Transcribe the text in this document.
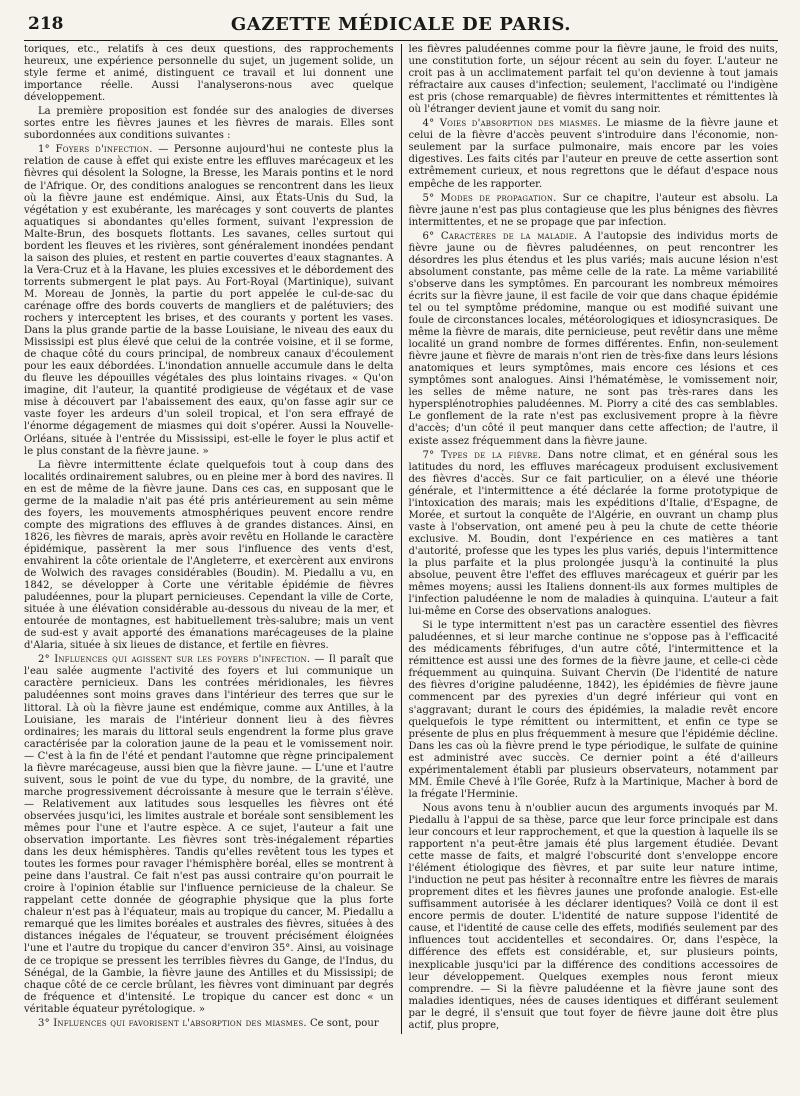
218	GAZETTE MÉDICALE DE PARIS.

toriques, etc., relatifs à ces deux questions, des rapprochements heureux, une expérience personnelle du sujet, un jugement solide, un style ferme et animé, distinguent ce travail et lui donnent une importance réelle. Aussi l'analyserons-nous avec quelque développement.

La première proposition est fondée sur des analogies de diverses sortes entre les fièvres jaunes et les fièvres de marais. Elles sont subordonnées aux conditions suivantes :

1° Foyers d'infection. — Personne aujourd'hui ne conteste plus la relation de cause à effet qui existe entre les effluves marécageux et les fièvres qui désolent la Sologne, la Bresse, les Marais pontins et le nord de l'Afrique. Or, des conditions analogues se rencontrent dans les lieux où la fièvre jaune est endémique. Ainsi, aux États-Unis du Sud, la végétation y est exubérante, les marécages y sont couverts de plantes aquatiques si abondantes qu'elles forment, suivant l'expression de Malte-Brun, des bosquets flottants. Les savanes, celles surtout qui bordent les fleuves et les rivières, sont généralement inondées pendant la saison des pluies, et restent en partie couvertes d'eaux stagnantes. A la Vera-Cruz et à la Havane, les pluies excessives et le débordement des torrents submergent le plat pays. Au Fort-Royal (Martinique), suivant M. Moreau de Jonnès, la partie du port appelée le cul-de-sac du carénage offre des bords couverts de mangliers et de palétuviers; des rochers y interceptent les brises, et des courants y portent les vases. Dans la plus grande partie de la basse Louisiane, le niveau des eaux du Mississipi est plus élevé que celui de la contrée voisine, et il se forme, de chaque côté du cours principal, de nombreux canaux d'écoulement pour les eaux débordées. L'inondation annuelle accumule dans le delta du fleuve les dépouilles végétales des plus lointains rivages. « Qu'on imagine, dit l'auteur, la quantité prodigieuse de végétaux et de vase mise à découvert par l'abaissement des eaux, qu'on fasse agir sur ce vaste foyer les ardeurs d'un soleil tropical, et l'on sera effrayé de l'énorme dégagement de miasmes qui doit s'opérer. Aussi la Nouvelle-Orléans, située à l'entrée du Mississipi, est-elle le foyer le plus actif et le plus constant de la fièvre jaune. »

La fièvre intermittente éclate quelquefois tout à coup dans des localités ordinairement salubres, ou en pleine mer à bord des navires. Il en est de même de la fièvre jaune. Dans ces cas, en supposant que le germe de la maladie n'ait pas été pris antérieurement au sein même des foyers, les mouvements atmosphériques peuvent encore rendre compte des migrations des effluves à de grandes distances. Ainsi, en 1826, les fièvres de marais, après avoir revêtu en Hollande le caractère épidémique, passèrent la mer sous l'influence des vents d'est, envahirent la côte orientale de l'Angleterre, et exercèrent aux environs de Wolwich des ravages considérables (Boudin). M. Piedallu a vu, en 1842, se développer à Corte une véritable épidémie de fièvres paludéennes, pour la plupart pernicieuses. Cependant la ville de Corte, située à une élévation considérable au-dessous du niveau de la mer, et entourée de montagnes, est habituellement très-salubre; mais un vent de sud-est y avait apporté des émanations marécageuses de la plaine d'Alaria, située à six lieues de distance, et fertile en fièvres.

2° Influences qui agissent sur les foyers d'infection. — Il paraît que l'eau salée augmente l'activité des foyers et lui communique un caractère pernicieux. Dans les contrées méridionales, les fièvres paludéennes sont moins graves dans l'intérieur des terres que sur le littoral. Là où la fièvre jaune est endémique, comme aux Antilles, à la Louisiane, les marais de l'intérieur donnent lieu à des fièvres ordinaires; les marais du littoral seuls engendrent la forme plus grave caractérisée par la coloration jaune de la peau et le vomissement noir. — C'est à la fin de l'été et pendant l'automne que règne principalement la fièvre marécageuse, aussi bien que la fièvre jaune. — L'une et l'autre suivent, sous le point de vue du type, du nombre, de la gravité, une marche progressivement décroissante à mesure que le terrain s'élève. — Relativement aux latitudes sous lesquelles les fièvres ont été observées jusqu'ici, les limites australe et boréale sont sensiblement les mêmes pour l'une et l'autre espèce. A ce sujet, l'auteur a fait une observation importante. Les fièvres sont très-inégalement réparties dans les deux hémisphères. Tandis qu'elles revêtent tous les types et toutes les formes pour ravager l'hémisphère boréal, elles se montrent à peine dans l'austral. Ce fait n'est pas aussi contraire qu'on pourrait le croire à l'opinion établie sur l'influence pernicieuse de la chaleur. Se rappelant cette donnée de géographie physique que la plus forte chaleur n'est pas à l'équateur, mais au tropique du cancer, M. Piedallu a remarqué que les limites boréales et australes des fièvres, situées à des distances inégales de l'équateur, se trouvent précisément éloignées l'une et l'autre du tropique du cancer d'environ 35°. Ainsi, au voisinage de ce tropique se pressent les terribles fièvres du Gange, de l'Indus, du Sénégal, de la Gambie, la fièvre jaune des Antilles et du Mississipi; de chaque côté de ce cercle brûlant, les fièvres vont diminuant par degrés de fréquence et d'intensité. Le tropique du cancer est donc « un véritable équateur pyrétologique. »

3° Influences qui favorisent l'absorption des miasmes. Ce sont, pour

les fièvres paludéennes comme pour la fièvre jaune, le froid des nuits, une constitution forte, un séjour récent au sein du foyer. L'auteur ne croit pas à un acclimatement parfait tel qu'on devienne à tout jamais réfractaire aux causes d'infection; seulement, l'acclimaté ou l'indigène est pris (chose remarquable) de fièvres intermittentes et rémittentes là où l'étranger devient jaune et vomit du sang noir.

4° Voies d'absorption des miasmes. Le miasme de la fièvre jaune et celui de la fièvre d'accès peuvent s'introduire dans l'économie, non-seulement par la surface pulmonaire, mais encore par les voies digestives. Les faits cités par l'auteur en preuve de cette assertion sont extrêmement curieux, et nous regrettons que le défaut d'espace nous empêche de les rapporter.

5° Modes de propagation. Sur ce chapitre, l'auteur est absolu. La fièvre jaune n'est pas plus contagieuse que les plus bénignes des fièvres intermittentes, et ne se propage que par infection.

6° Caractères de la maladie. A l'autopsie des individus morts de fièvre jaune ou de fièvres paludéennes, on peut rencontrer les désordres les plus étendus et les plus variés; mais aucune lésion n'est absolument constante, pas même celle de la rate. La même variabilité s'observe dans les symptômes. En parcourant les nombreux mémoires écrits sur la fièvre jaune, il est facile de voir que dans chaque épidémie tel ou tel symptôme prédomine, manque ou est modifié suivant une foule de circonstances locales, météorologiques et idiosyncrasiques. De même la fièvre de marais, dite pernicieuse, peut revêtir dans une même localité un grand nombre de formes différentes. Enfin, non-seulement fièvre jaune et fièvre de marais n'ont rien de très-fixe dans leurs lésions anatomiques et leurs symptômes, mais encore ces lésions et ces symptômes sont analogues. Ainsi l'hématémèse, le vomissement noir, les selles de même nature, ne sont pas très-rares dans les hypersplénotrophies paludéennes. M. Piorry a cité des cas semblables. Le gonflement de la rate n'est pas exclusivement propre à la fièvre d'accès; d'un côté il peut manquer dans cette affection; de l'autre, il existe assez fréquemment dans la fièvre jaune.

7° Types de la fièvre. Dans notre climat, et en général sous les latitudes du nord, les effluves marécageux produisent exclusivement des fièvres d'accès. Sur ce fait particulier, on a élevé une théorie générale, et l'intermittence a été déclarée la forme prototypique de l'intoxication des marais; mais les expéditions d'Italie, d'Espagne, de Morée, et surtout la conquête de l'Algérie, en ouvrant un champ plus vaste à l'observation, ont amené peu à peu la chute de cette théorie exclusive. M. Boudin, dont l'expérience en ces matières a tant d'autorité, professe que les types les plus variés, depuis l'intermittence la plus parfaite et la plus prolongée jusqu'à la continuité la plus absolue, peuvent être l'effet des effluves marécageux et guérir par les mêmes moyens; aussi les Italiens donnent-ils aux formes multiples de l'infection paludéenne le nom de maladies à quinquina. L'auteur a fait lui-même en Corse des observations analogues.

Si le type intermittent n'est pas un caractère essentiel des fièvres paludéennes, et si leur marche continue ne s'oppose pas à l'efficacité des médicaments fébrifuges, d'un autre côté, l'intermittence et la rémittence est aussi une des formes de la fièvre jaune, et celle-ci cède fréquemment au quinquina. Suivant Chervin (De l'identité de nature des fièvres d'origine paludéenne, 1842), les épidémies de fièvre jaune commencent par des pyrexies d'un degré inférieur qui vont en s'aggravant; durant le cours des épidémies, la maladie revêt encore quelquefois le type rémittent ou intermittent, et enfin ce type se présente de plus en plus fréquemment à mesure que l'épidémie décline. Dans les cas où la fièvre prend le type périodique, le sulfate de quinine est administré avec succès. Ce dernier point a été d'ailleurs expérimentalement établi par plusieurs observateurs, notamment par MM. Émile Chevé à l'île Gorée, Rufz à la Martinique, Macher à bord de la frégate l'Herminie.

Nous avons tenu à n'oublier aucun des arguments invoqués par M. Piedallu à l'appui de sa thèse, parce que leur force principale est dans leur concours et leur rapprochement, et que la question à laquelle ils se rapportent n'a peut-être jamais été plus largement étudiée. Devant cette masse de faits, et malgré l'obscurité dont s'enveloppe encore l'élément étiologique des fièvres, et par suite leur nature intime, l'induction ne peut pas hésiter à reconnaître entre les fièvres de marais proprement dites et les fièvres jaunes une profonde analogie. Est-elle suffisamment autorisée à les déclarer identiques? Voilà ce dont il est encore permis de douter. L'identité de nature suppose l'identité de cause, et l'identité de cause celle des effets, modifiés seulement par des influences tout accidentelles et secondaires. Or, dans l'espèce, la différence des effets est considérable, et, sur plusieurs points, inexplicable jusqu'ici par la différence des conditions accessoires de leur développement. Quelques exemples nous feront mieux comprendre. — Si la fièvre paludéenne et la fièvre jaune sont des maladies identiques, nées de causes identiques et différant seulement par le degré, il s'ensuit que tout foyer de fièvre jaune doit être plus actif, plus propre,
